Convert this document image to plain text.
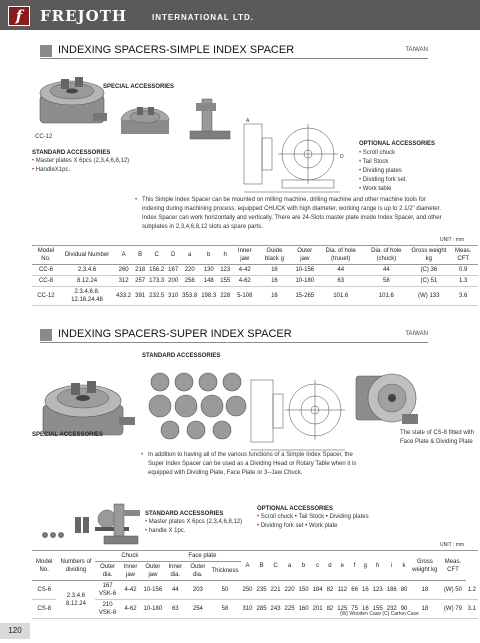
f	FREJOTH	INTERNATIONAL LTD.
INDEXING SPACERS-SIMPLE INDEX SPACER	TAIWAN
CC-12
SPECIAL ACCESSORIES
STANDARD ACCESSORIES
• Master plates X 6pcs (2,3,4,6,8,12)
• HandleX1pc.
A
D
OPTIONAL ACCESSORIES
• Scroll chuck
• Tail Stock
• Dividing plates
• Dividing fork set.
• Work table
• This Simple Index Spacer can be mounted on milling machine, drilling machine and other machine tools for indexing during machining process. equipped CHUCK with high diameter, working range is up to 2 1/2" diameter. Index Spacer can work horizontally and vertically. There are 24-Slots master plate inside Index Spacer, and other subplates in 2,3,4,6,8,12 slots as spare parts.
UNIT : mm
Model No.	Dividual Number	A	B	C	D	a	b	h	Inner jaw	Guide black g	Outer jaw	Dia. of hole (truuet)	Dia. of hole (chuck)	Gross weight kg	Meas. CFT
CC-6	2.3.4.6	260	218	156.2	167	220	130	123	4-42	16	10-156	44	44	(C) 36	0.9
CC-8	8.12.24	312	257	173.3	200	258	148	155	4-62	16	10-180	63	58	(C) 51	1.3
CC-12	2.3.4.6.8. 12.16.24.48	433.2	391	232.5	310	353.8	198.3	228	5-108	16	15-265	101.6	101.6	(W) 133	3.6
INDEXING SPACERS-SUPER INDEX SPACER	TAIWAN
STANDARD ACCESSORIES
SPECIAL ACCESSORIES	The state of CS-8 fitted with Face Plate & Dividing Plate
• In addition to having all of the various functions of a Simple Index Spacer, the Super Index Spacer can be used as a Dividing Head or Rotary Table when it is equipped with Dividing Plate, Face Plate or 3--Jaw Chuck.
STANDARD ACCESSORIES
• Master plates X 6pcs (2,3,4,6,8,12)
• handle X 1pc.
OPTIONAL ACCESSORIES
• Scroll chuck • Tail Stock • Dividing plates
• Dividing fork set • Work plate
UNIT : mm
Model No.	Numbers of dividing	Chuck			Face plate			A	B	C	a	b	c	d	e	f	g	h	i	k	Gross weight kg	Meas. CFT	
		Outer dia.	Inner jaw	Outer jaw	Inner dia.	Outer dia.	Thickness																
CS-6	2.3.4.6 8.12.24	167 VSK-6	4-42	10-156	44	203	50	250	235	221	220	150	184	82	112	66	16	123	186	80	18	(W) 50	1.2
CS-8		210 VSK-8	4-62	10-180	63	254	58	310	285	243	225	160	201	82	125	75	16	155	232	90	18	(W) 79	3.1
(W) Wooden Case (C) Carton Case
120
